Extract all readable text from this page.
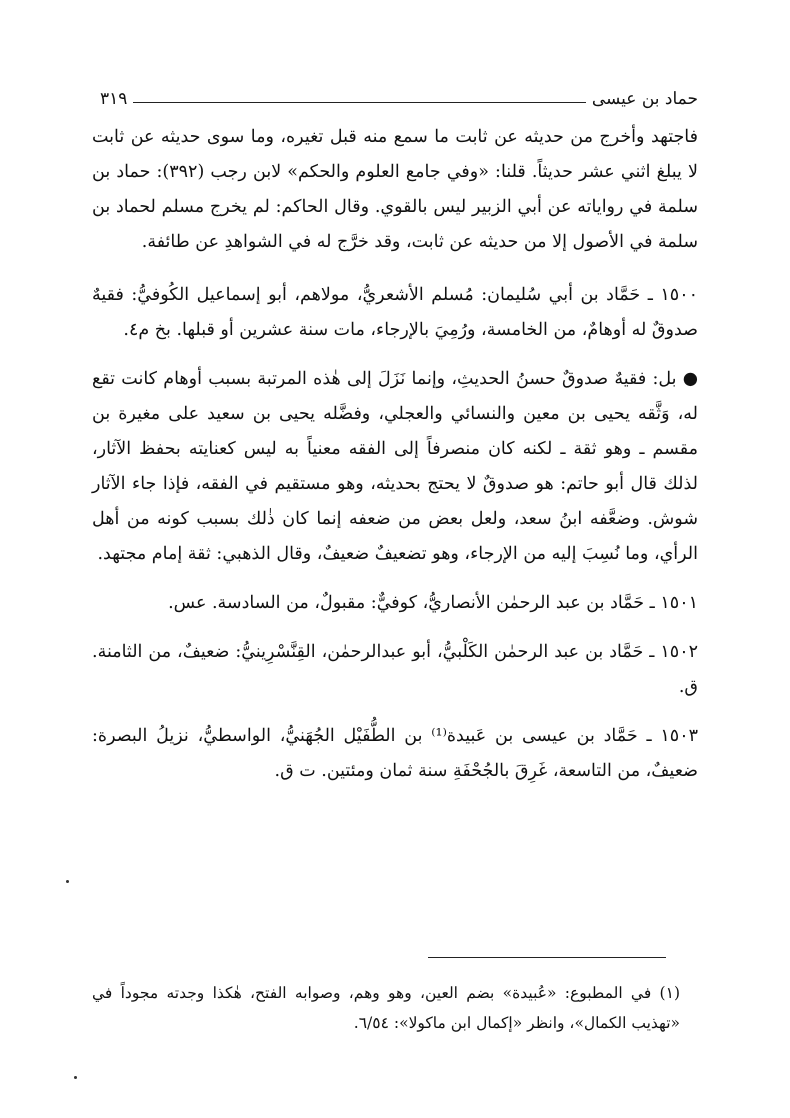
حماد بن عيسى
٣١٩

فاجتهد وأخرج من حديثه عن ثابت ما سمع منه قبل تغيره، وما سوى حديثه عن ثابت لا يبلغ اثني عشر حديثاً. قلنا: «وفي جامع العلوم والحكم» لابن رجب (٣٩٢): حماد بن سلمة في رواياته عن أبي الزبير ليس بالقوي. وقال الحاكم: لم يخرج مسلم لحماد بن سلمة في الأصول إلا من حديثه عن ثابت، وقد خرَّج له في الشواهدِ عن طائفة.

١٥٠٠ ـ حَمَّاد بن أبي سُليمان: مُسلم الأشعريُّ، مولاهم، أبو إسماعيل الكُوفيُّ: فقيهٌ صدوقٌ له أوهامٌ، من الخامسة، ورُمِيَ بالإرجاء، مات سنة عشرين أو قبلها. بخ م٤.

● بل: فقيهٌ صدوقٌ حسنُ الحديثِ، وإنما نَزَلَ إلى هٰذه المرتبة بسبب أوهام كانت تقع له، وَثَّقه يحيى بن معين والنسائي والعجلي، وفضَّله يحيى بن سعيد على مغيرة بن مقسم ـ وهو ثقة ـ لكنه كان منصرفاً إلى الفقه معنياً به ليس كعنايته بحفظ الآثار، لذلك قال أبو حاتم: هو صدوقٌ لا يحتج بحديثه، وهو مستقيم في الفقه، فإذا جاء الآثار شوش. وضعَّفه ابنُ سعد، ولعل بعض من ضعفه إنما كان ذٰلك بسبب كونه من أهل الرأي، وما نُسِبَ إليه من الإرجاء، وهو تضعيفٌ ضعيفٌ، وقال الذهبي: ثقة إمام مجتهد.

١٥٠١ ـ حَمَّاد بن عبد الرحمٰن الأنصاريُّ، كوفيٌّ: مقبولٌ، من السادسة. عس.

١٥٠٢ ـ حَمَّاد بن عبد الرحمٰن الكَلْبيُّ، أبو عبدالرحمٰن، القِنَّسْرِينيُّ: ضعيفٌ، من الثامنة. ق.

١٥٠٣ ـ حَمَّاد بن عيسى بن عَبيدة⁽¹⁾ بن الطُّفَيْل الجُهَنيُّ، الواسطيُّ، نزيلُ البصرة: ضعيفٌ، من التاسعة، غَرِقَ بالجُحْفَةِ سنة ثمان ومئتين. ت ق.

(١) في المطبوع: «عُبيدة» بضم العين، وهو وهم، وصوابه الفتح، هٰكذا وجدته مجوداً في «تهذيب الكمال»، وانظر «إكمال ابن ماكولا»: ٦/٥٤.
